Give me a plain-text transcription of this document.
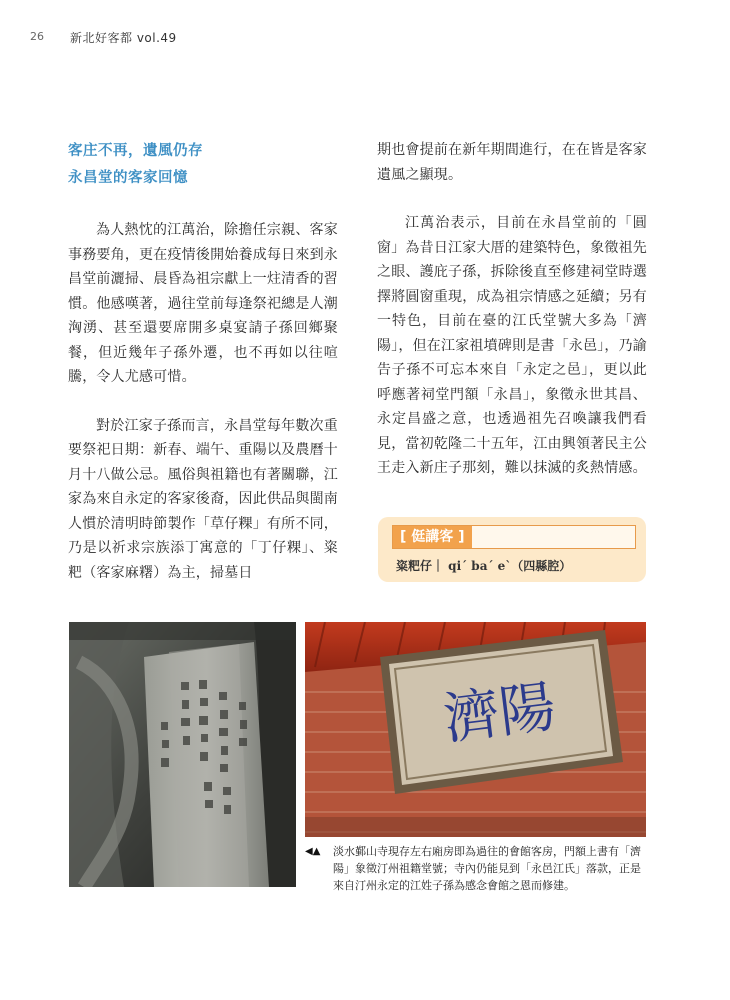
26 新北好客都 vol.49
客庄不再，遺風仍存
永昌堂的客家回憶

為人熱忱的江萬治，除擔任宗親、客家事務要角，更在疫情後開始養成每日來到永昌堂前灑掃、晨昏為祖宗獻上一炷清香的習慣。他感嘆著，過往堂前每逢祭祀總是人潮洶湧、甚至還要席開多桌宴請子孫回鄉聚餐，但近幾年子孫外遷，也不再如以往喧騰，令人尤感可惜。

對於江家子孫而言，永昌堂每年數次重要祭祀日期：新春、端午、重陽以及農曆十月十八做公忌。風俗與祖籍也有著關聯，江家為來自永定的客家後裔，因此供品與閩南人慣於清明時節製作「草仔粿」有所不同，乃是以祈求宗族添丁寓意的「丁仔粿」、粢粑（客家麻糬）為主，掃墓日

期也會提前在新年期間進行，在在皆是客家遺風之顯現。

江萬治表示，目前在永昌堂前的「圓窗」為昔日江家大厝的建築特色，象徵祖先之眼、護庇子孫，拆除後直至修建祠堂時選擇將圓窗重現，成為祖宗情感之延續；另有一特色，目前在臺的江氏堂號大多為「濟陽」，但在江家祖墳碑則是書「永邑」，乃諭告子孫不可忘本來自「永定之邑」，更以此呼應著祠堂門額「永昌」，象徵永世其昌、永定昌盛之意，也透過祖先召喚讓我們看見，當初乾隆二十五年，江由興領著民主公王走入新庄子那刻，難以抹滅的炙熱情感。

[ 侹講客 ]
粢粑仔｜ qiˊ baˊ eˋ（四縣腔）
濟陽
◀▲	淡水鄞山寺現存左右廂房即為過往的會館客房，門額上書有「濟陽」象徵汀州祖籍堂號；寺內仍能見到「永邑江氏」落款，正是來自汀州永定的江姓子孫為感念會館之恩而修建。
